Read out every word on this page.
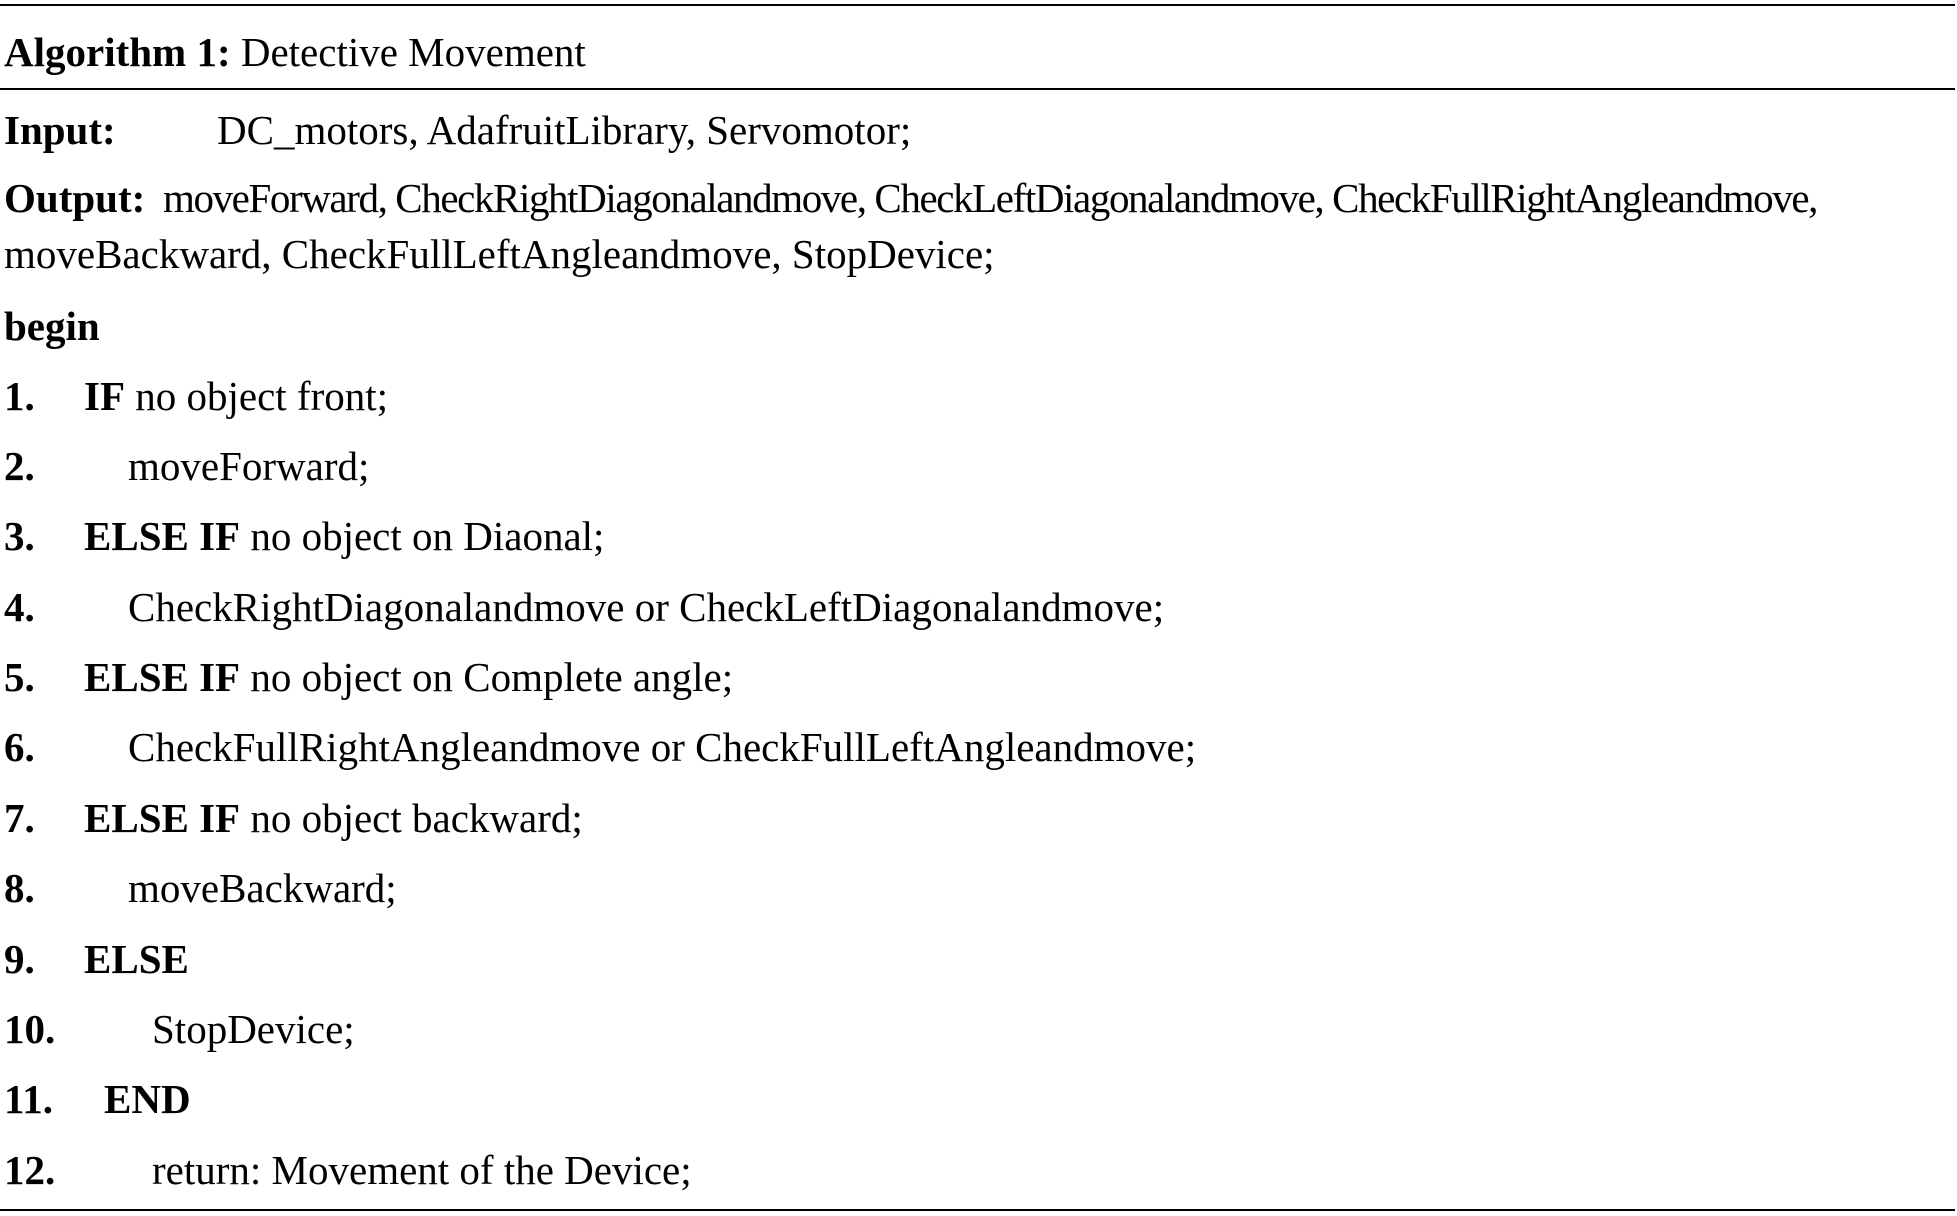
Algorithm 1: Detective Movement
Input: DC_motors, AdafruitLibrary, Servomotor;
Output: moveForward, CheckRightDiagonalandmove, CheckLeftDiagonalandmove, CheckFullRightAngleandmove,
moveBackward, CheckFullLeftAngleandmove, StopDevice;
begin
1. IF no object front;
2. moveForward;
3. ELSE IF no object on Diaonal;
4. CheckRightDiagonalandmove or CheckLeftDiagonalandmove;
5. ELSE IF no object on Complete angle;
6. CheckFullRightAngleandmove or CheckFullLeftAngleandmove;
7. ELSE IF no object backward;
8. moveBackward;
9. ELSE
10. StopDevice;
11. END
12. return: Movement of the Device;
